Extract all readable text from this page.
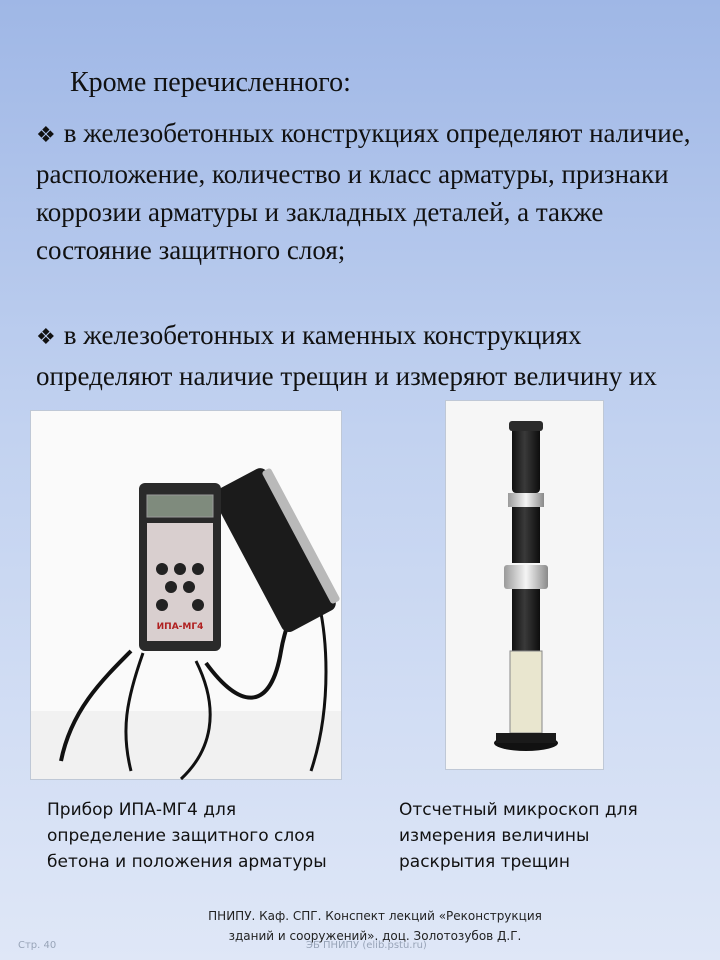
Кроме перечисленного:
❖ в железобетонных конструкциях определяют наличие, расположение, количество и класс арматуры, признаки коррозии арматуры и закладных деталей, а также состояние защитного слоя;
❖ в железобетонных и каменных конструкциях определяют наличие трещин и измеряют величину их
ИПА-МГ4
Прибор ИПА-МГ4 для определение защитного слоя бетона и положения арматуры
Отсчетный микроскоп для измерения величины раскрытия трещин
ПНИПУ. Каф. СПГ. Конспект лекций «Реконструкция
зданий и сооружений». доц. Золотозубов Д.Г.
Стр. 40	ЭБ ПНИПУ (elib.pstu.ru)
